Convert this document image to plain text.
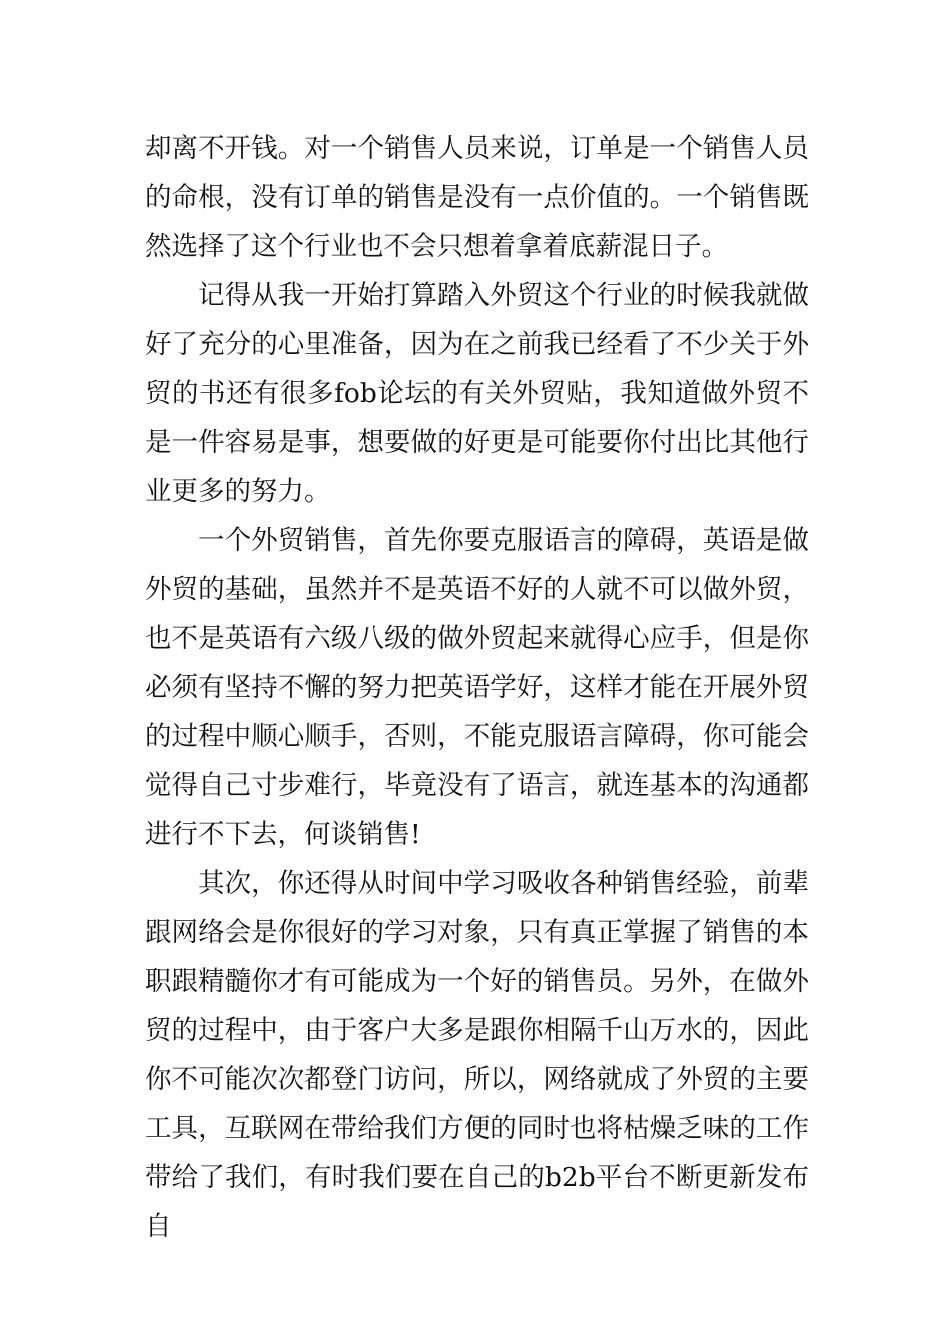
却离不开钱。对一个销售人员来说，订单是一个销售人员的命根，没有订单的销售是没有一点价值的。一个销售既然选择了这个行业也不会只想着拿着底薪混日子。

记得从我一开始打算踏入外贸这个行业的时候我就做好了充分的心里准备，因为在之前我已经看了不少关于外贸的书还有很多fob论坛的有关外贸贴，我知道做外贸不是一件容易是事，想要做的好更是可能要你付出比其他行业更多的努力。

一个外贸销售，首先你要克服语言的障碍，英语是做外贸的基础，虽然并不是英语不好的人就不可以做外贸，也不是英语有六级八级的做外贸起来就得心应手，但是你必须有坚持不懈的努力把英语学好，这样才能在开展外贸的过程中顺心顺手，否则，不能克服语言障碍，你可能会觉得自己寸步难行，毕竟没有了语言，就连基本的沟通都进行不下去，何谈销售!

其次，你还得从时间中学习吸收各种销售经验，前辈跟网络会是你很好的学习对象，只有真正掌握了销售的本职跟精髓你才有可能成为一个好的销售员。另外，在做外贸的过程中，由于客户大多是跟你相隔千山万水的，因此你不可能次次都登门访问，所以，网络就成了外贸的主要工具，互联网在带给我们方便的同时也将枯燥乏味的工作带给了我们，有时我们要在自己的b2b平台不断更新发布自
